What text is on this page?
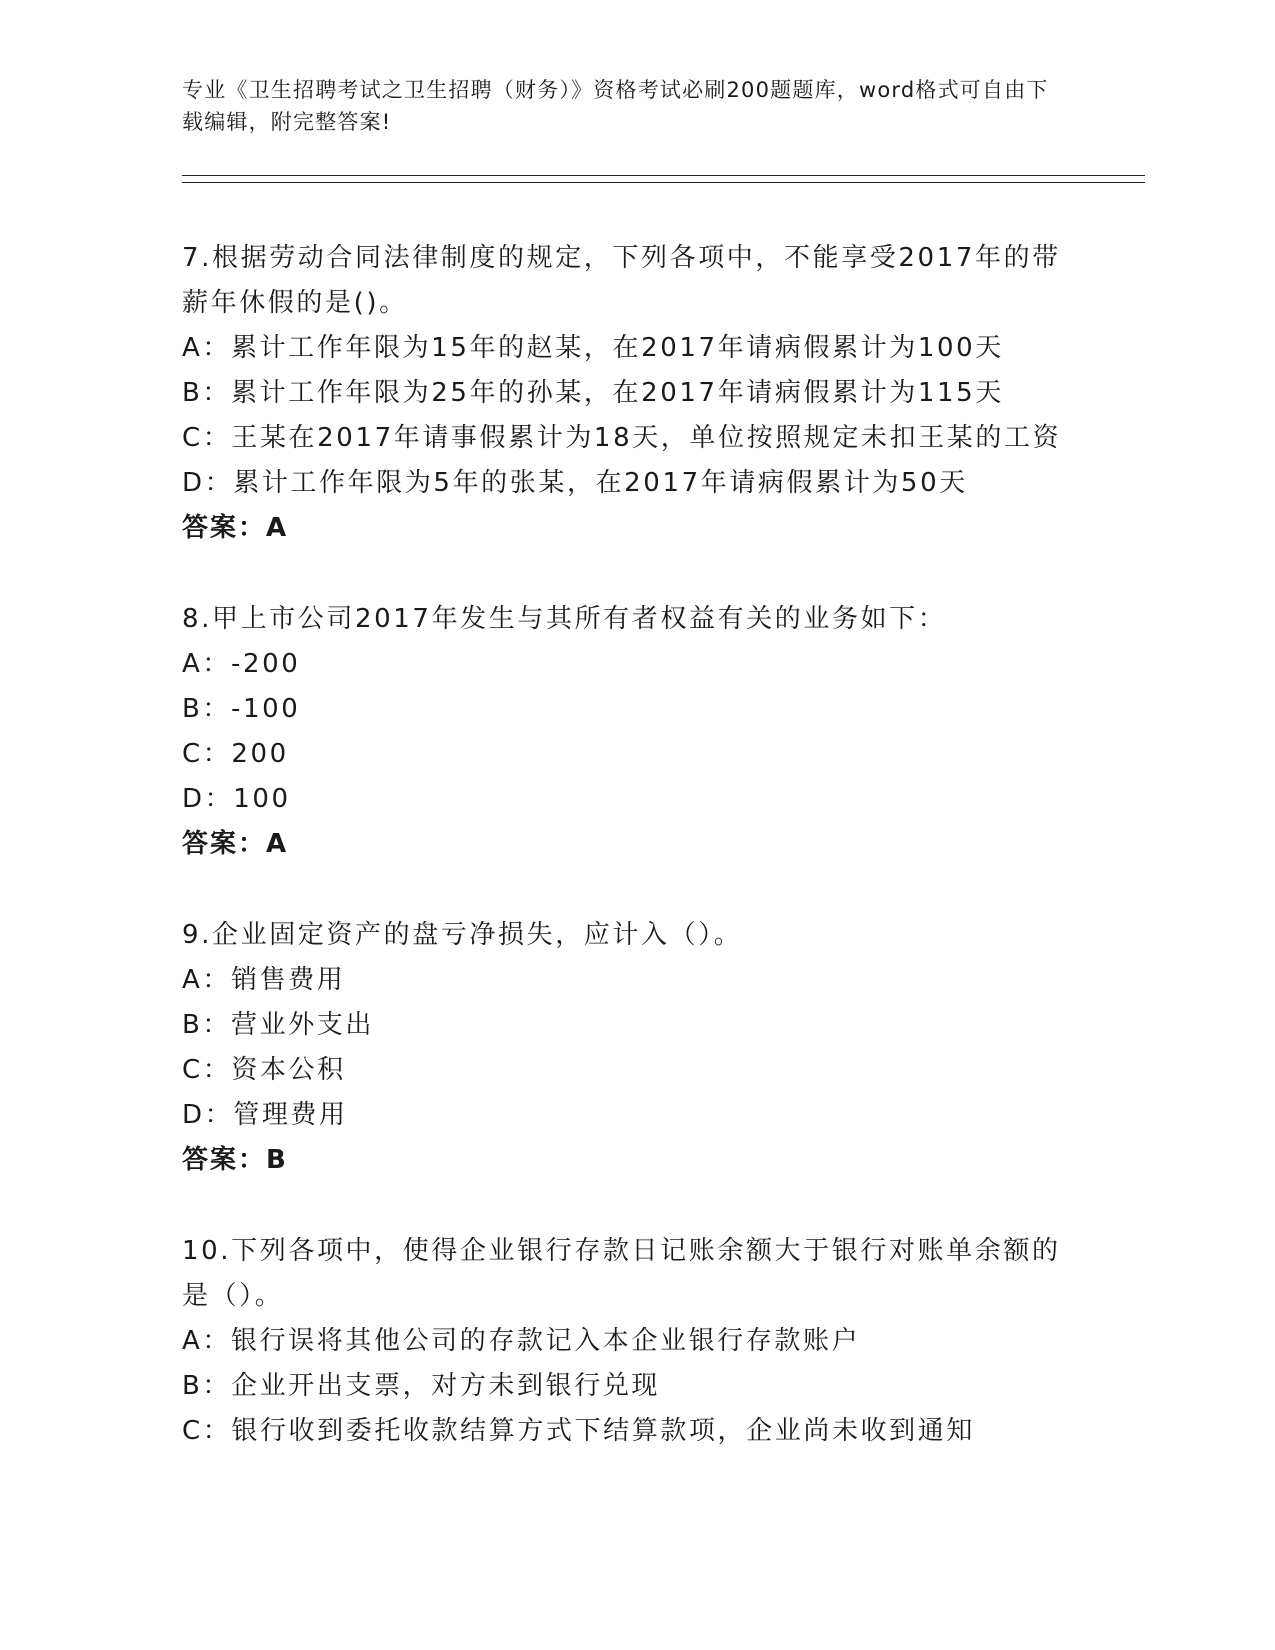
专业《卫生招聘考试之卫生招聘（财务）》资格考试必刷200题题库，word格式可自由下载编辑，附完整答案!

7.根据劳动合同法律制度的规定，下列各项中，不能享受2017年的带薪年休假的是()。

A：累计工作年限为15年的赵某，在2017年请病假累计为100天

B：累计工作年限为25年的孙某，在2017年请病假累计为115天

C：王某在2017年请事假累计为18天，单位按照规定未扣王某的工资

D：累计工作年限为5年的张某，在2017年请病假累计为50天

答案：A

8.甲上市公司2017年发生与其所有者权益有关的业务如下：

A：-200

B：-100

C：200

D：100

答案：A

9.企业固定资产的盘亏净损失，应计入（）。

A：销售费用

B：营业外支出

C：资本公积

D：管理费用

答案：B

10.下列各项中，使得企业银行存款日记账余额大于银行对账单余额的是（）。

A：银行误将其他公司的存款记入本企业银行存款账户

B：企业开出支票，对方未到银行兑现

C：银行收到委托收款结算方式下结算款项，企业尚未收到通知
